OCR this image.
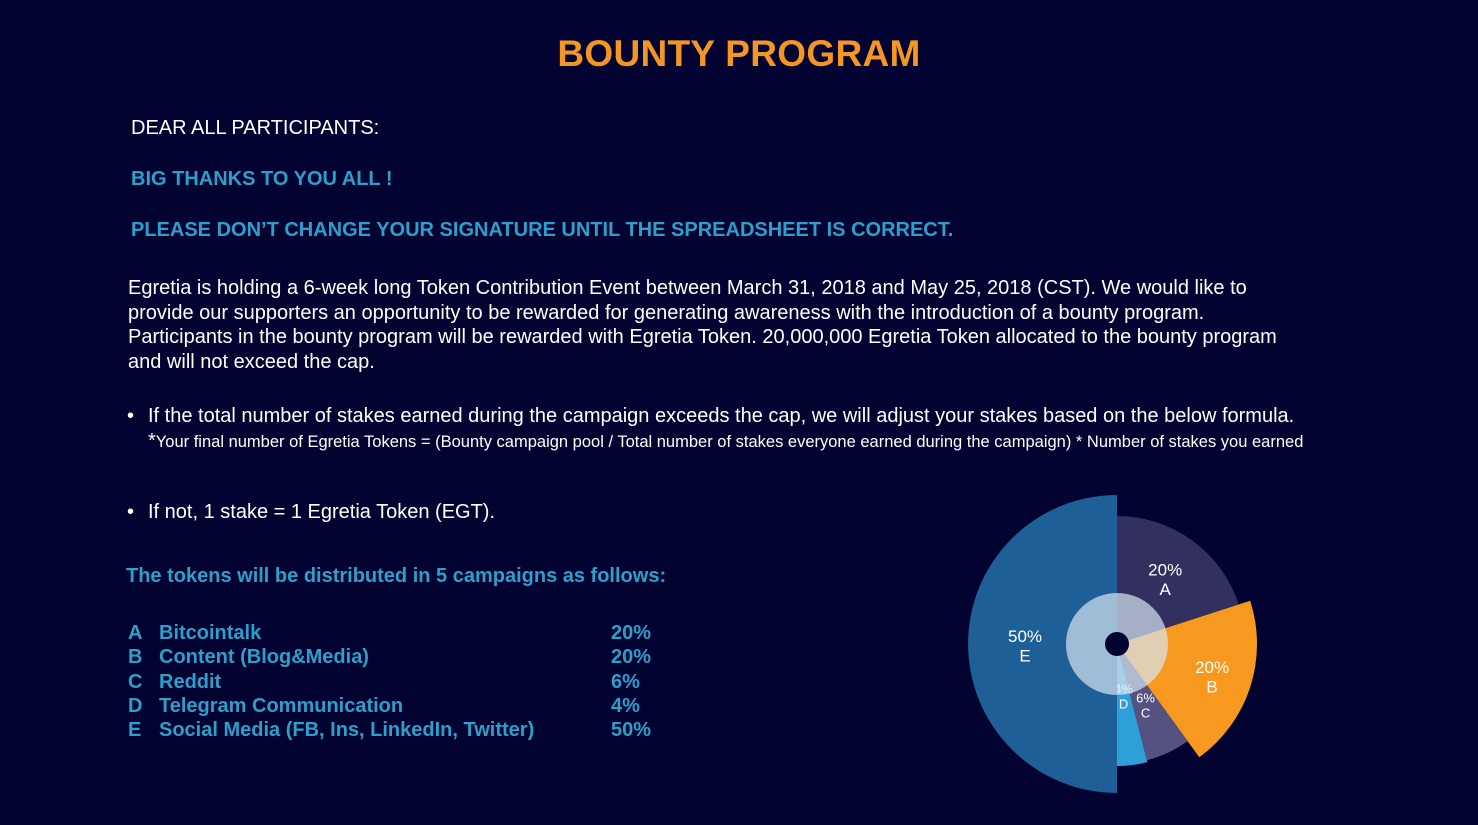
BOUNTY PROGRAM
DEAR ALL PARTICIPANTS:
BIG THANKS TO YOU ALL !
PLEASE DON’T CHANGE YOUR SIGNATURE UNTIL THE SPREADSHEET IS CORRECT.
Egretia is holding a 6-week long Token Contribution Event between March 31, 2018 and May 25, 2018 (CST). We would like to provide our supporters an opportunity to be rewarded for generating awareness with the introduction of a bounty program. Participants in the bounty program will be rewarded with Egretia Token. 20,000,000 Egretia Token allocated to the bounty program and will not exceed the cap.
• If the total number of stakes earned during the campaign exceeds the cap, we will adjust your stakes based on the below formula. *Your final number of Egretia Tokens = (Bounty campaign pool / Total number of stakes everyone earned during the campaign) * Number of stakes you earned
• If not, 1 stake = 1 Egretia Token (EGT).
The tokens will be distributed in 5 campaigns as follows:
A Bitcointalk	20%
B Content (Blog&Media)	20%
C Reddit	6%
D Telegram Communication	4%
E Social Media (FB, Ins, LinkedIn, Twitter)	50%
20%
A
20%
B
6%
C
D
50%
E
